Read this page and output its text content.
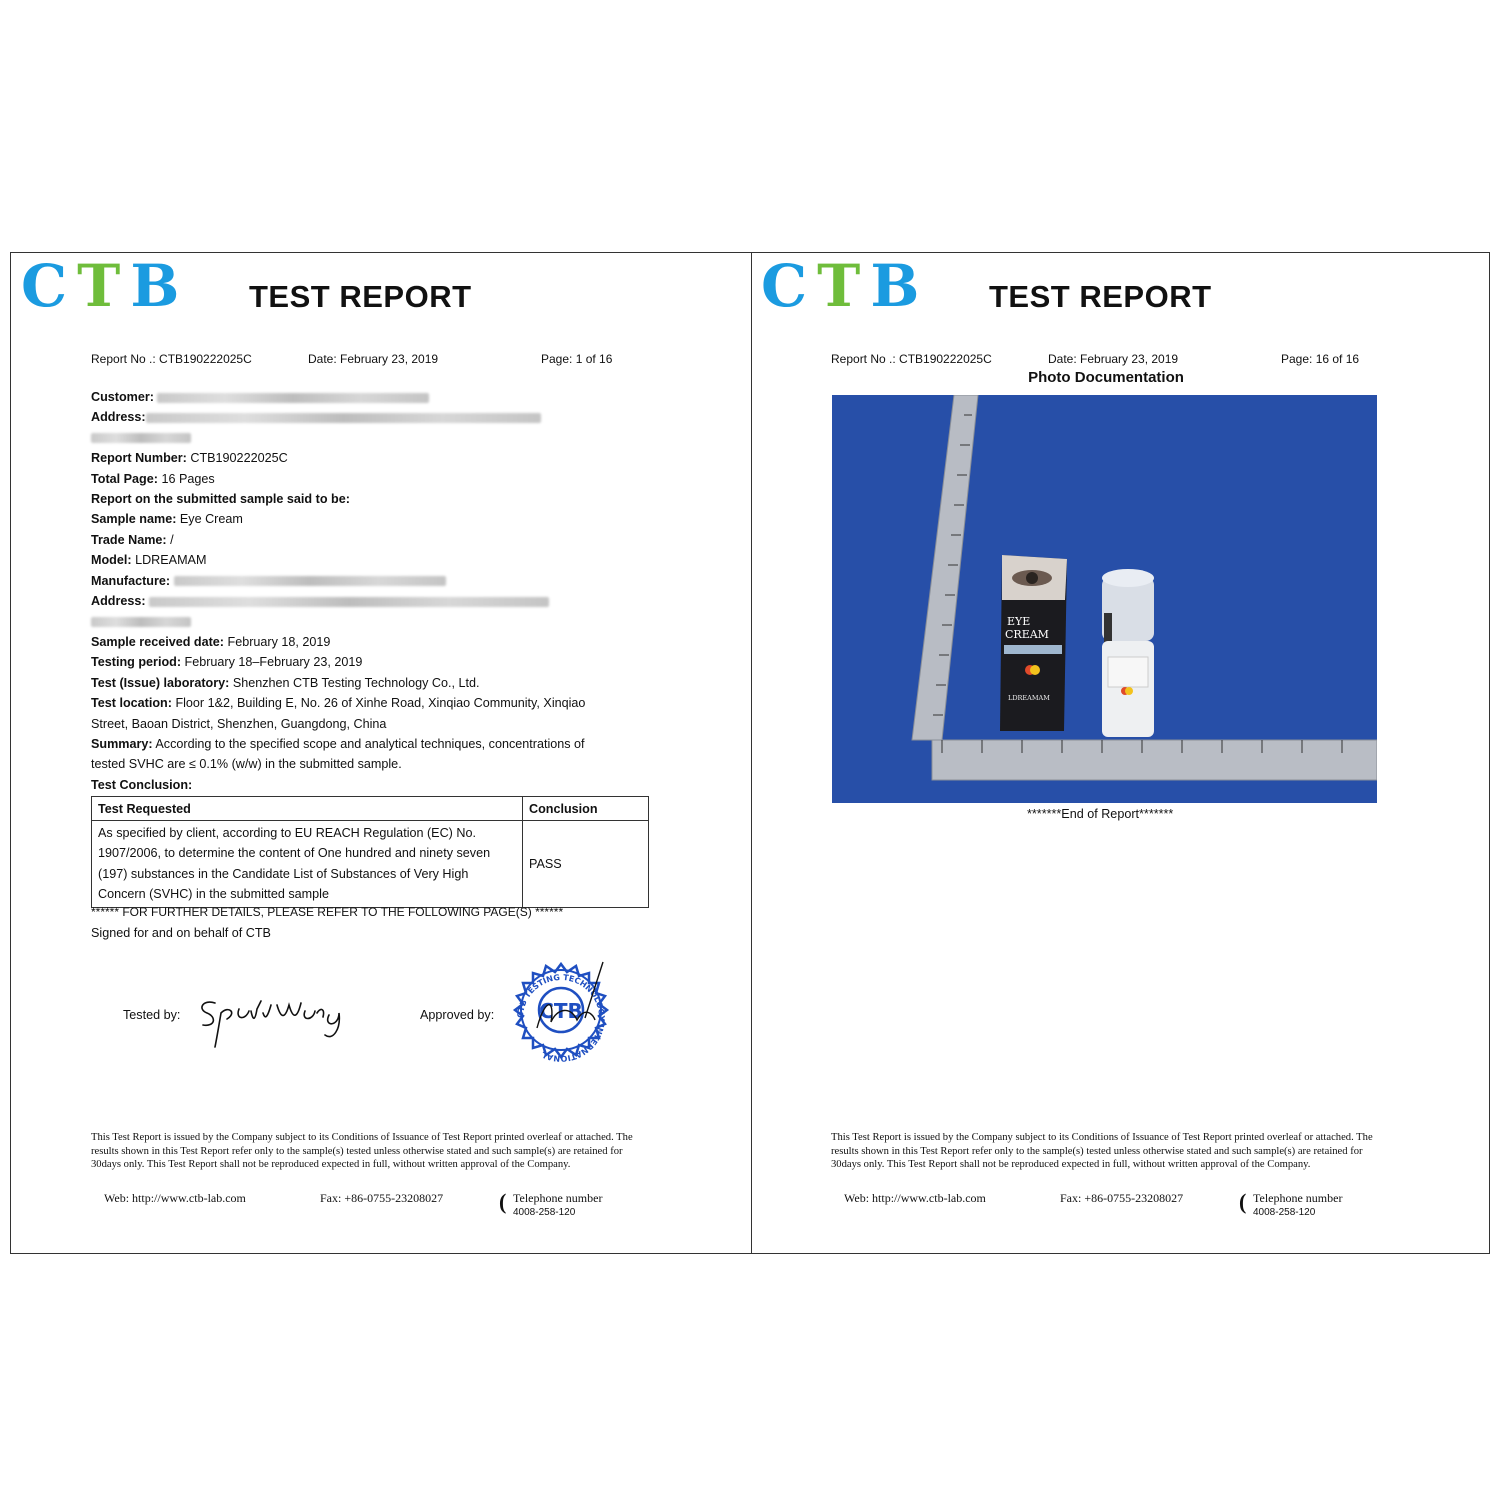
CTB TEST REPORT
Report No .: CTB190222025C	Date: February 23, 2019	Page: 1 of 16
Customer:
Address:
Report Number: CTB190222025C
Total Page: 16 Pages
Report on the submitted sample said to be:
Sample name: Eye Cream
Trade Name: /
Model: LDREAMAM
Manufacture:
Address:
Sample received date: February 18, 2019
Testing period: February 18–February 23, 2019
Test (Issue) laboratory: Shenzhen CTB Testing Technology Co., Ltd.
Test location: Floor 1&2, Building E, No. 26 of Xinhe Road, Xinqiao Community, Xinqiao
Street, Baoan District, Shenzhen, Guangdong, China
Summary: According to the specified scope and analytical techniques, concentrations of
tested SVHC are ≤ 0.1% (w/w) in the submitted sample.
Test Conclusion:
Test Requested	Conclusion

As specified by client, according to EU REACH Regulation (EC) No.
1907/2006, to determine the content of One hundred and ninety seven
(197) substances in the Candidate List of Substances of Very High
Concern (SVHC) in the submitted sample	PASS
****** FOR FURTHER DETAILS, PLEASE REFER TO THE FOLLOWING PAGE(S) ******
Signed for and on behalf of CTB
Tested by:	Approved by: CTB
CTB TESTING TECHNOLOGY INTERNATIONAL
This Test Report is issued by the Company subject to its Conditions of Issuance of Test Report printed overleaf or attached. The results shown in this Test Report refer only to the sample(s) tested unless otherwise stated and such sample(s) are retained for 30days only. This Test Report shall not be reproduced expected in full, without written approval of the Company.
Web: http://www.ctb-lab.com	Fax: +86-0755-23208027	( Telephone number
4008-258-120
CTB TEST REPORT
Report No .: CTB190222025C	Date: February 23, 2019	Page: 16 of 16
Photo Documentation
EYE
CREAM
LDREAMAM
*******End of Report*******
This Test Report is issued by the Company subject to its Conditions of Issuance of Test Report printed overleaf or attached. The results shown in this Test Report refer only to the sample(s) tested unless otherwise stated and such sample(s) are retained for 30days only. This Test Report shall not be reproduced expected in full, without written approval of the Company.
Web: http://www.ctb-lab.com	Fax: +86-0755-23208027	( Telephone number
4008-258-120
